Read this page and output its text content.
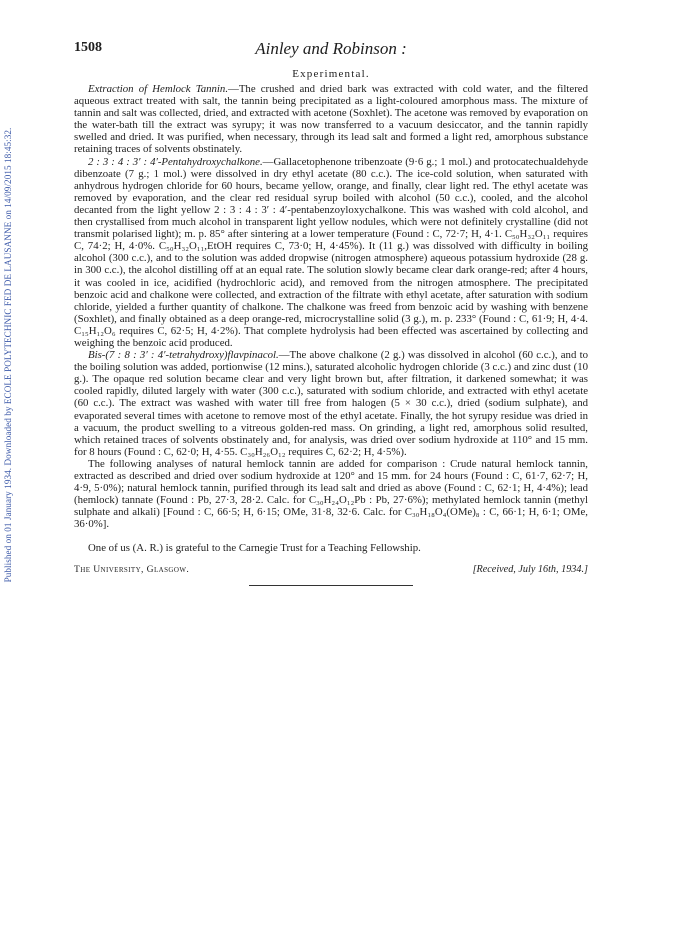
Published on 01 January 1934. Downloaded by ECOLE POLYTECHNIC FED DE LAUSANNE on 14/09/2015 18:45:32.
1508	Ainley and Robinson :
Experimental.

Extraction of Hemlock Tannin.—The crushed and dried bark was extracted with cold water, and the filtered aqueous extract treated with salt, the tannin being precipitated as a light-coloured amorphous mass. The mixture of tannin and salt was collected, dried, and extracted with acetone (Soxhlet). The acetone was removed by evaporation on the water-bath till the extract was syrupy; it was now transferred to a vacuum desiccator, and the tannin rapidly swelled and dried. It was purified, when necessary, through its lead salt and formed a light red, amorphous substance retaining traces of solvents obstinately.

2 : 3 : 4 : 3′ : 4′-Pentahydroxychalkone.—Gallacetophenone tribenzoate (9·6 g.; 1 mol.) and protocatechualdehyde dibenzoate (7 g.; 1 mol.) were dissolved in dry ethyl acetate (80 c.c.). The ice-cold solution, when saturated with anhydrous hydrogen chloride for 60 hours, became yellow, orange, and finally, clear light red. The ethyl acetate was removed by evaporation, and the clear red residual syrup boiled with alcohol (50 c.c.), cooled, and the alcohol decanted from the light yellow 2 : 3 : 4 : 3′ : 4′-pentabenzoyloxychalkone. This was washed with cold alcohol, and then crystallised from much alcohol in transparent light yellow nodules, which were not definitely crystalline (did not transmit polarised light); m. p. 85° after sintering at a lower temperature (Found : C, 72·7; H, 4·1. C₅₀H₃₂O₁₁ requires C, 74·2; H, 4·0%. C₅₀H₃₂O₁₁,EtOH requires C, 73·0; H, 4·45%). It (11 g.) was dissolved with difficulty in boiling alcohol (300 c.c.), and to the solution was added dropwise (nitrogen atmosphere) aqueous potassium hydroxide (28 g. in 300 c.c.), the alcohol distilling off at an equal rate. The solution slowly became clear dark orange-red; after 4 hours, it was cooled in ice, acidified (hydrochloric acid), and removed from the nitrogen atmosphere. The precipitated benzoic acid and chalkone were collected, and extraction of the filtrate with ethyl acetate, after saturation with sodium chloride, yielded a further quantity of chalkone. The chalkone was freed from benzoic acid by washing with benzene (Soxhlet), and finally obtained as a deep orange-red, microcrystalline solid (3 g.), m. p. 233° (Found : C, 61·9; H, 4·4. C₁₅H₁₂O₆ requires C, 62·5; H, 4·2%). That complete hydrolysis had been effected was ascertained by collecting and weighing the benzoic acid produced.

Bis-(7 : 8 : 3′ : 4′-tetrahydroxy)flavpinacol.—The above chalkone (2 g.) was dissolved in alcohol (60 c.c.), and to the boiling solution was added, portionwise (12 mins.), saturated alcoholic hydrogen chloride (3 c.c.) and zinc dust (10 g.). The opaque red solution became clear and very light brown but, after filtration, it darkened somewhat; it was cooled rapidly, diluted largely with water (300 c.c.), saturated with sodium chloride, and extracted with ethyl acetate (60 c.c.). The extract was washed with water till free from halogen (5 × 30 c.c.), dried (sodium sulphate), and evaporated several times with acetone to remove most of the ethyl acetate. Finally, the hot syrupy residue was dried in a vacuum, the product swelling to a vitreous golden-red mass. On grinding, a light red, amorphous solid resulted, which retained traces of solvents obstinately and, for analysis, was dried over sodium hydroxide at 110° and 15 mm. for 8 hours (Found : C, 62·0; H, 4·55. C₃₀H₂₆O₁₂ requires C, 62·2; H, 4·5%).

The following analyses of natural hemlock tannin are added for comparison : Crude natural hemlock tannin, extracted as described and dried over sodium hydroxide at 120° and 15 mm. for 24 hours (Found : C, 61·7, 62·7; H, 4·9, 5·0%); natural hemlock tannin, purified through its lead salt and dried as above (Found : C, 62·1; H, 4·4%); lead (hemlock) tannate (Found : Pb, 27·3, 28·2. Calc. for C₃₀H₂₄O₁₂Pb : Pb, 27·6%); methylated hemlock tannin (methyl sulphate and alkali) [Found : C, 66·5; H, 6·15; OMe, 31·8, 32·6. Calc. for C₃₀H₁₈O₄(OMe)₈ : C, 66·1; H, 6·1; OMe, 36·0%].

One of us (A. R.) is grateful to the Carnegie Trust for a Teaching Fellowship.

The University, Glasgow.	[Received, July 16th, 1934.]
